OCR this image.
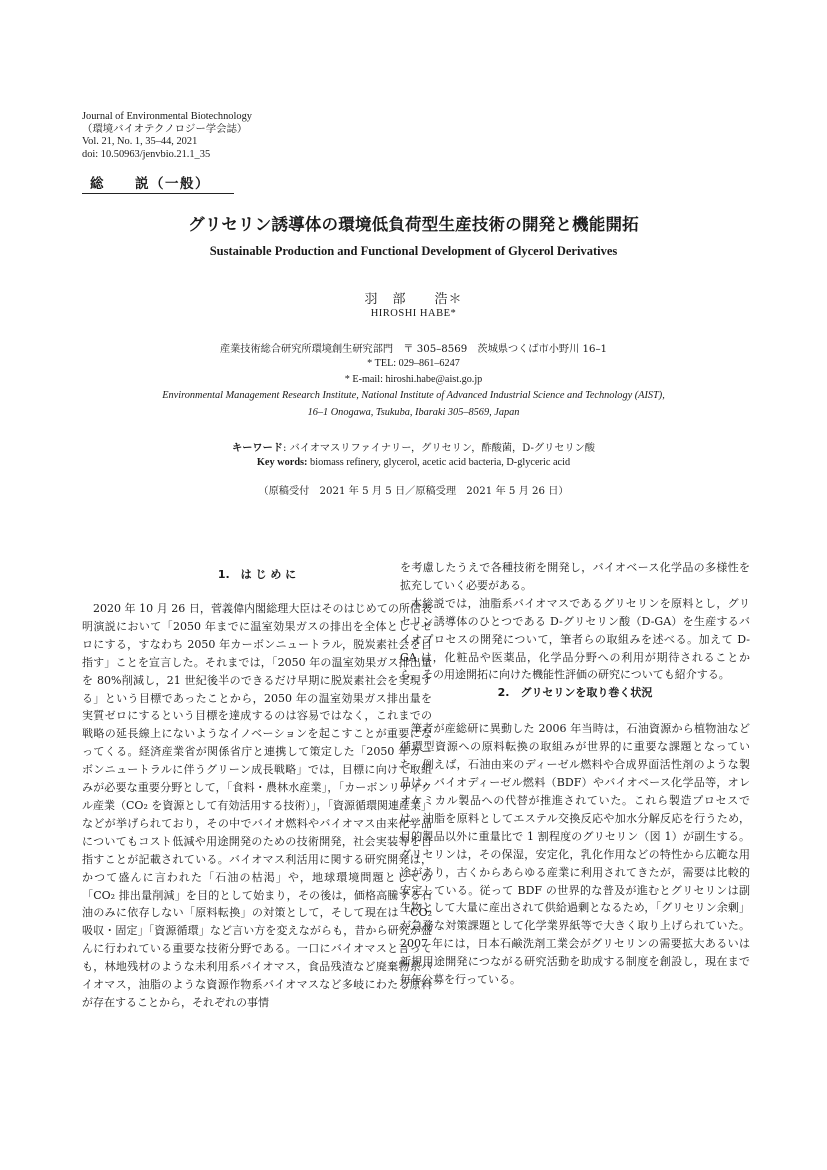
Journal of Environmental Biotechnology
（環境バイオテクノロジー学会誌）
Vol. 21, No. 1, 35–44, 2021
doi: 10.50963/jenvbio.21.1_35
総　　説（一般）
グリセリン誘導体の環境低負荷型生産技術の開発と機能開拓
Sustainable Production and Functional Development of Glycerol Derivatives
羽　部　　浩＊
HIROSHI HABE*
産業技術総合研究所環境創生研究部門　〒 305–8569　茨城県つくば市小野川 16–1
* TEL: 029–861–6247
* E-mail: hiroshi.habe@aist.go.jp
Environmental Management Research Institute, National Institute of Advanced Industrial Science and Technology (AIST),
16–1 Onogawa, Tsukuba, Ibaraki 305–8569, Japan
キーワード: バイオマスリファイナリー，グリセリン，酢酸菌，D-グリセリン酸
Key words: biomass refinery, glycerol, acetic acid bacteria, D-glyceric acid
（原稿受付　2021 年 5 月 5 日／原稿受理　2021 年 5 月 26 日）

1.　は じ め に

2020 年 10 月 26 日，菅義偉内閣総理大臣はそのはじめての所信表明演説において「2050 年までに温室効果ガスの排出を全体としてゼロにする，すなわち 2050 年カーボンニュートラル，脱炭素社会を目指す」ことを宣言した。それまでは，「2050 年の温室効果ガス排出量を 80%削減し，21 世紀後半のできるだけ早期に脱炭素社会を実現する」という目標であったことから，2050 年の温室効果ガス排出量を実質ゼロにするという目標を達成するのは容易ではなく，これまでの戦略の延長線上にないようなイノベーションを起こすことが重要になってくる。経済産業省が関係省庁と連携して策定した「2050 年カーボンニュートラルに伴うグリーン成長戦略」では，目標に向けて取組みが必要な重要分野として，「食料・農林水産業」，「カーボンリサイクル産業（CO₂ を資源として有効活用する技術）」，「資源循環関連産業」などが挙げられており，その中でバイオ燃料やバイオマス由来化学品についてもコスト低減や用途開発のための技術開発，社会実装等を目指すことが記載されている。バイオマス利活用に関する研究開発は，かつて盛んに言われた「石油の枯渇」や，地球環境問題としての「CO₂ 排出量削減」を目的として始まり，その後は，価格高騰する石油のみに依存しない「原料転換」の対策として，そして現在は「CO₂ 吸収・固定」「資源循環」など言い方を変えながらも，昔から研究が盛んに行われている重要な技術分野である。一口にバイオマスと言っても，林地残材のような未利用系バイオマス，食品残渣など廃棄物系バイオマス，油脂のような資源作物系バイオマスなど多岐にわたる原料が存在することから，それぞれの事情

を考慮したうえで各種技術を開発し，バイオベース化学品の多様性を拡充していく必要がある。

本総説では，油脂系バイオマスであるグリセリンを原料とし，グリセリン誘導体のひとつである D-グリセリン酸（D-GA）を生産するバイオプロセスの開発について，筆者らの取組みを述べる。加えて D-GA は，化粧品や医薬品，化学品分野への利用が期待されることから，その用途開拓に向けた機能性評価の研究についても紹介する。

2.　グリセリンを取り巻く状況

筆者が産総研に異動した 2006 年当時は，石油資源から植物油など循環型資源への原料転換の取組みが世界的に重要な課題となっていた。例えば，石油由来のディーゼル燃料や合成界面活性剤のような製品は，バイオディーゼル燃料（BDF）やバイオベース化学品等，オレオケミカル製品への代替が推進されていた。これら製造プロセスでは，油脂を原料としてエステル交換反応や加水分解反応を行うため，目的製品以外に重量比で 1 割程度のグリセリン（図 1）が副生する。グリセリンは，その保湿，安定化，乳化作用などの特性から広範な用途があり，古くからあらゆる産業に利用されてきたが，需要は比較的安定している。従って BDF の世界的な普及が進むとグリセリンは副生物として大量に産出されて供給過剰となるため，「グリセリン余剰」が急務な対策課題として化学業界紙等で大きく取り上げられていた。2007 年には，日本石鹸洗剤工業会がグリセリンの需要拡大あるいは新規用途開発につながる研究活動を助成する制度を創設し，現在まで毎年公募を行っている。
